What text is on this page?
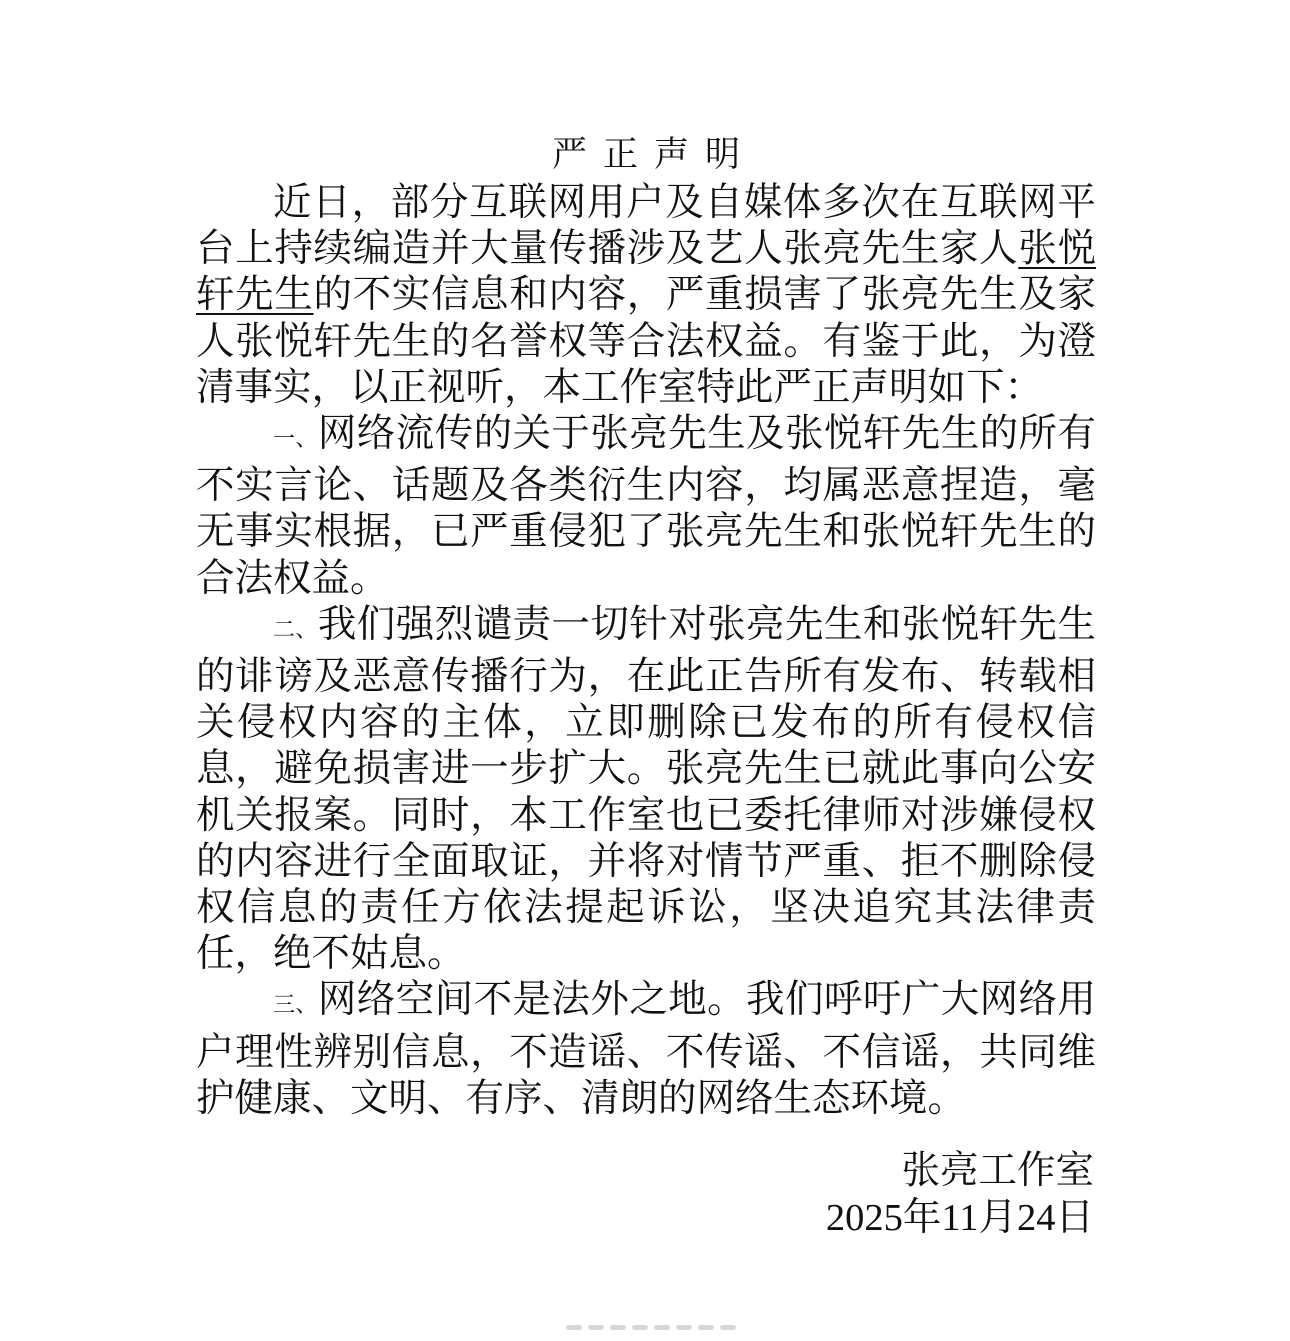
严正声明

近日，部分互联网用户及自媒体多次在互联网平台上持续编造并大量传播涉及艺人张亮先生家人张悦轩先生的不实信息和内容，严重损害了张亮先生及家人张悦轩先生的名誉权等合法权益。有鉴于此，为澄清事实，以正视听，本工作室特此严正声明如下：

一、网络流传的关于张亮先生及张悦轩先生的所有不实言论、话题及各类衍生内容，均属恶意捏造，毫无事实根据，已严重侵犯了张亮先生和张悦轩先生的合法权益。

二、我们强烈谴责一切针对张亮先生和张悦轩先生的诽谤及恶意传播行为，在此正告所有发布、转载相关侵权内容的主体，立即删除已发布的所有侵权信息，避免损害进一步扩大。张亮先生已就此事向公安机关报案。同时，本工作室也已委托律师对涉嫌侵权的内容进行全面取证，并将对情节严重、拒不删除侵权信息的责任方依法提起诉讼，坚决追究其法律责任，绝不姑息。

三、网络空间不是法外之地。我们呼吁广大网络用户理性辨别信息，不造谣、不传谣、不信谣，共同维护健康、文明、有序、清朗的网络生态环境。

张亮工作室
2025年11月24日
